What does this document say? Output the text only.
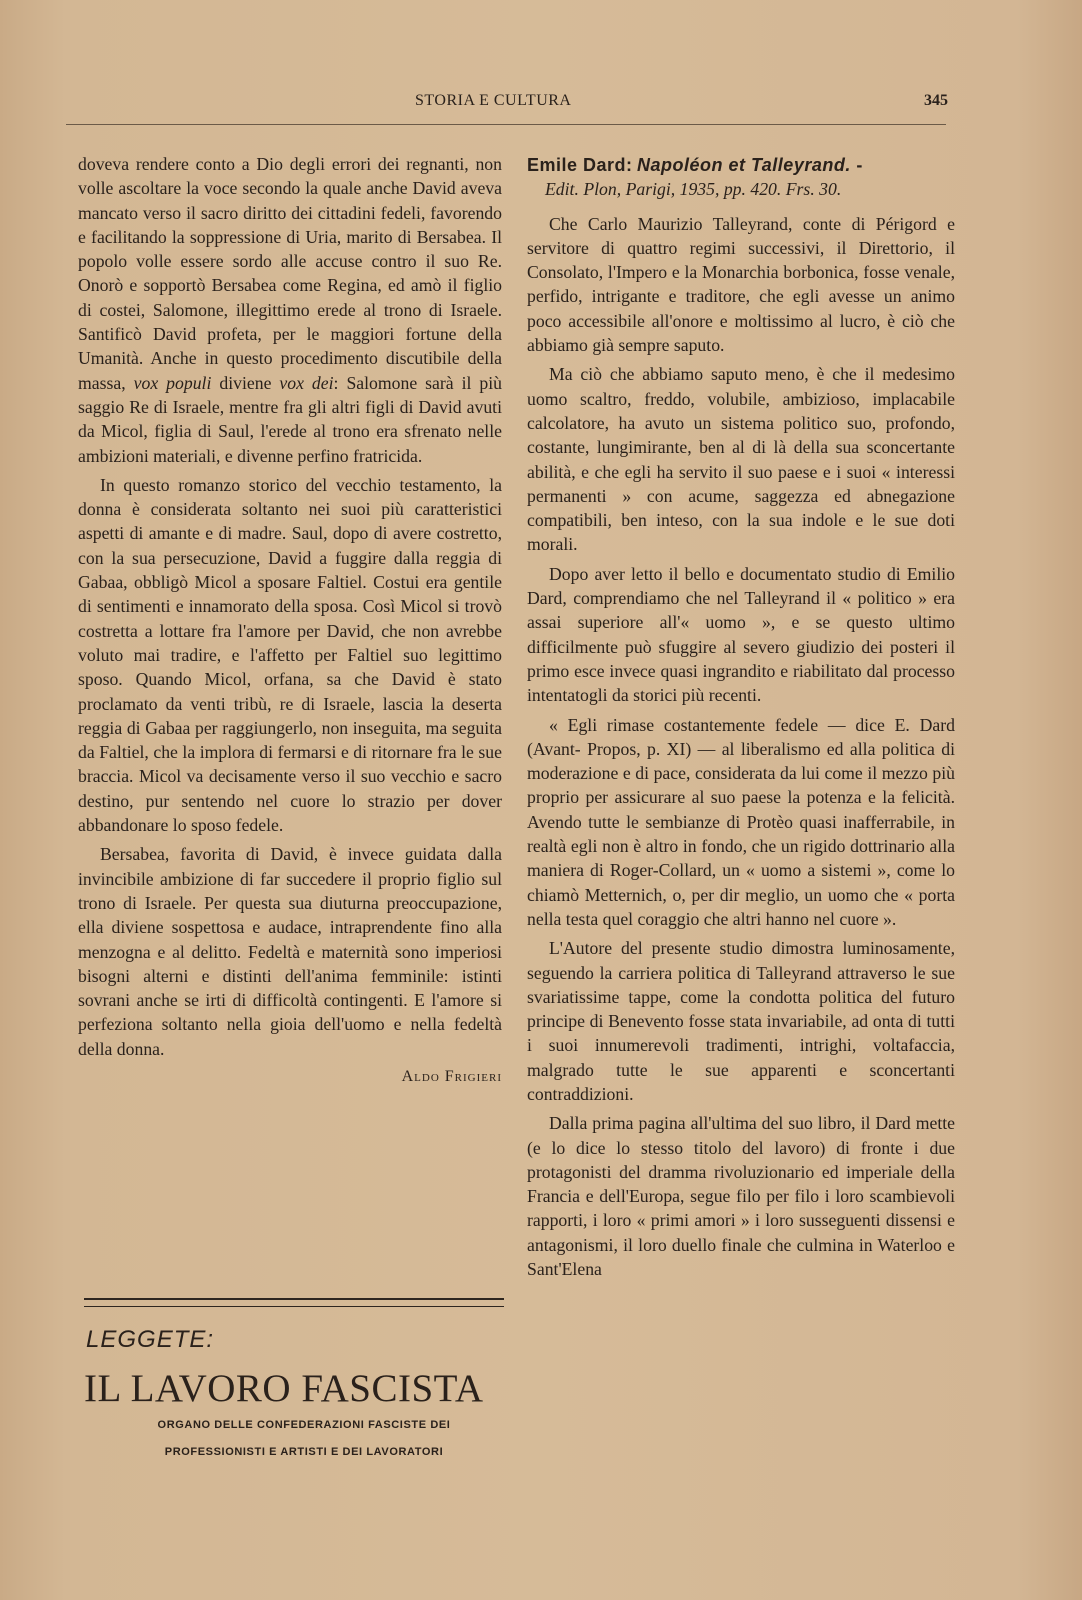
STORIA E CULTURA	345

doveva rendere conto a Dio degli errori dei regnanti, non volle ascoltare la voce secondo la quale anche David aveva mancato verso il sacro diritto dei cittadini fedeli, favorendo e facilitando la soppressione di Uria, marito di Bersabea. Il popolo volle essere sordo alle accuse contro il suo Re. Onorò e sopportò Bersabea come Regina, ed amò il figlio di costei, Salomone, illegittimo erede al trono di Israele. Santificò David profeta, per le maggiori fortune della Umanità. Anche in questo procedimento discutibile della massa, vox populi diviene vox dei: Salomone sarà il più saggio Re di Israele, mentre fra gli altri figli di David avuti da Micol, figlia di Saul, l'erede al trono era sfrenato nelle ambizioni materiali, e divenne perfino fratricida.

In questo romanzo storico del vecchio testamento, la donna è considerata soltanto nei suoi più caratteristici aspetti di amante e di madre. Saul, dopo di avere costretto, con la sua persecuzione, David a fuggire dalla reggia di Gabaa, obbligò Micol a sposare Faltiel. Costui era gentile di sentimenti e innamorato della sposa. Così Micol si trovò costretta a lottare fra l'amore per David, che non avrebbe voluto mai tradire, e l'affetto per Faltiel suo legittimo sposo. Quando Micol, orfana, sa che David è stato proclamato da venti tribù, re di Israele, lascia la deserta reggia di Gabaa per raggiungerlo, non inseguita, ma seguita da Faltiel, che la implora di fermarsi e di ritornare fra le sue braccia. Micol va decisamente verso il suo vecchio e sacro destino, pur sentendo nel cuore lo strazio per dover abbandonare lo sposo fedele.

Bersabea, favorita di David, è invece guidata dalla invincibile ambizione di far succedere il proprio figlio sul trono di Israele. Per questa sua diuturna preoccupazione, ella diviene sospettosa e audace, intraprendente fino alla menzogna e al delitto. Fedeltà e maternità sono imperiosi bisogni alterni e distinti dell'anima femminile: istinti sovrani anche se irti di difficoltà contingenti. E l'amore si perfeziona soltanto nella gioia dell'uomo e nella fedeltà della donna.

Aldo Frigieri
LEGGETE:
IL LAVORO FASCISTA
ORGANO DELLE CONFEDERAZIONI FASCISTE DEI
PROFESSIONISTI E ARTISTI E DEI LAVORATORI

Emile Dard: Napoléon et Talleyrand. -
Edit. Plon, Parigi, 1935, pp. 420. Frs. 30.

Che Carlo Maurizio Talleyrand, conte di Périgord e servitore di quattro regimi successivi, il Direttorio, il Consolato, l'Impero e la Monarchia borbonica, fosse venale, perfido, intrigante e traditore, che egli avesse un animo poco accessibile all'onore e moltissimo al lucro, è ciò che abbiamo già sempre saputo.

Ma ciò che abbiamo saputo meno, è che il medesimo uomo scaltro, freddo, volubile, ambizioso, implacabile calcolatore, ha avuto un sistema politico suo, profondo, costante, lungimirante, ben al di là della sua sconcertante abilità, e che egli ha servito il suo paese e i suoi « interessi permanenti » con acume, saggezza ed abnegazione compatibili, ben inteso, con la sua indole e le sue doti morali.

Dopo aver letto il bello e documentato studio di Emilio Dard, comprendiamo che nel Talleyrand il « politico » era assai superiore all'« uomo », e se questo ultimo difficilmente può sfuggire al severo giudizio dei posteri il primo esce invece quasi ingrandito e riabilitato dal processo intentatogli da storici più recenti.

« Egli rimase costantemente fedele — dice E. Dard (Avant- Propos, p. XI) — al liberalismo ed alla politica di moderazione e di pace, considerata da lui come il mezzo più proprio per assicurare al suo paese la potenza e la felicità. Avendo tutte le sembianze di Protèo quasi inafferrabile, in realtà egli non è altro in fondo, che un rigido dottrinario alla maniera di Roger-Collard, un « uomo a sistemi », come lo chiamò Metternich, o, per dir meglio, un uomo che « porta nella testa quel coraggio che altri hanno nel cuore ».

L'Autore del presente studio dimostra luminosamente, seguendo la carriera politica di Talleyrand attraverso le sue svariatissime tappe, come la condotta politica del futuro principe di Benevento fosse stata invariabile, ad onta di tutti i suoi innumerevoli tradimenti, intrighi, voltafaccia, malgrado tutte le sue apparenti e sconcertanti contraddizioni.

Dalla prima pagina all'ultima del suo libro, il Dard mette (e lo dice lo stesso titolo del lavoro) di fronte i due protagonisti del dramma rivoluzionario ed imperiale della Francia e dell'Europa, segue filo per filo i loro scambievoli rapporti, i loro « primi amori » i loro susseguenti dissensi e antagonismi, il loro duello finale che culmina in Waterloo e Sant'Elena
